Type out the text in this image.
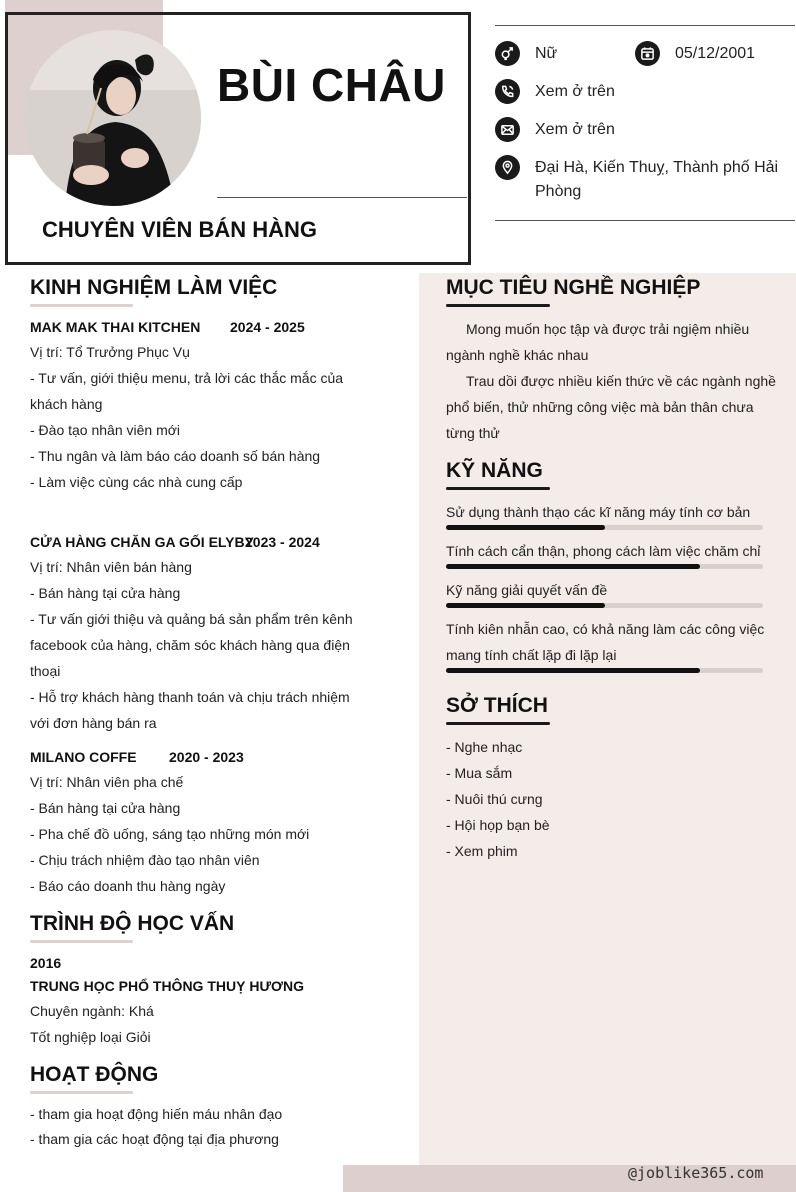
BÙI CHÂU
CHUYÊN VIÊN BÁN HÀNG
Nữ	05/12/2001
Xem ở trên
Xem ở trên
Đại Hà, Kiến Thuỵ, Thành phố Hải
Phòng
KINH NGHIỆM LÀM VIỆC
MAK MAK THAI KITCHEN 2024 - 2025
Vị trí: Tổ Trưởng Phục Vụ
- Tư vấn, giới thiệu menu, trả lời các thắc mắc của
khách hàng
- Đào tạo nhân viên mới
- Thu ngân và làm báo cáo doanh số bán hàng
- Làm việc cùng các nhà cung cấp
CỬA HÀNG CHĂN GA GỐI ELYBY
2023 - 2024
Vị trí: Nhân viên bán hàng
- Bán hàng tại cửa hàng
- Tư vấn giới thiệu và quảng bá sản phẩm trên kênh
facebook của hàng, chăm sóc khách hàng qua điện
thoại
- Hỗ trợ khách hàng thanh toán và chịu trách nhiệm
với đơn hàng bán ra
MILANO COFFE 2020 - 2023
Vị trí: Nhân viên pha chế
- Bán hàng tại cửa hàng
- Pha chế đồ uống, sáng tạo những món mới
- Chịu trách nhiệm đào tạo nhân viên
- Báo cáo doanh thu hàng ngày
TRÌNH ĐỘ HỌC VẤN
2016
TRUNG HỌC PHỔ THÔNG THUỴ HƯƠNG
Chuyên ngành: Khá
Tốt nghiệp loại Giỏi
HOẠT ĐỘNG
- tham gia hoạt động hiến máu nhân đạo
- tham gia các hoạt động tại địa phương
MỤC TIÊU NGHỀ NGHIỆP
Mong muốn học tập và được trải ngiệm nhiều
ngành nghề khác nhau
Trau dồi được nhiều kiến thức về các ngành nghề
phổ biến, thử những công việc mà bản thân chưa
từng thử
KỸ NĂNG
Sử dụng thành thạo các kĩ năng máy tính cơ bản
Tính cách cẩn thận, phong cách làm việc chăm chỉ
Kỹ năng giải quyết vấn đề
Tính kiên nhẫn cao, có khả năng làm các công việc
mang tính chất lặp đi lặp lại
SỞ THÍCH
- Nghe nhạc
- Mua sắm
- Nuôi thú cưng
- Hội họp bạn bè
- Xem phim
@joblike365.com
